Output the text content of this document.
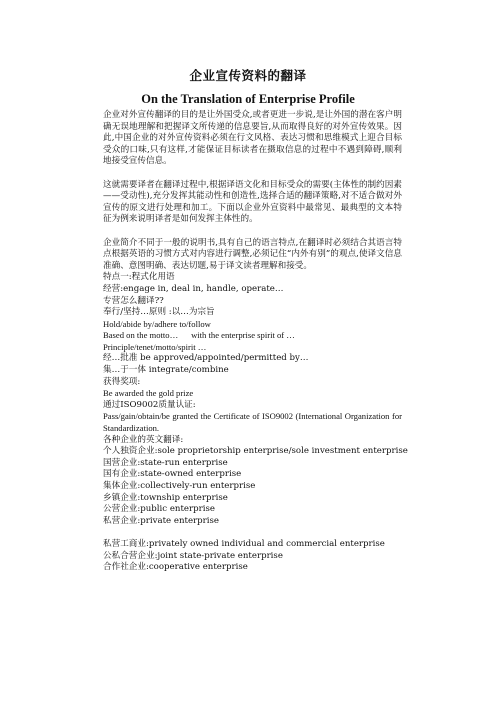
企业宣传资料的翻译
On the Translation of Enterprise Profile

企业对外宣传翻译的目的是让外国受众,或者更进一步说,是让外国的潜在客户明确无误地理解和把握译文所传递的信息要旨,从而取得良好的对外宣传效果。因此,中国企业的对外宣传资料必须在行文风格、表达习惯和思维模式上迎合目标受众的口味,只有这样,才能保证目标读者在摄取信息的过程中不遇到障碍,顺利地接受宣传信息。

这就需要译者在翻译过程中,根据译语文化和目标受众的需要(主体性的制约因素——受动性),充分发挥其能动性和创造性,选择合适的翻译策略,对不适合做对外宣传的原文进行处理和加工。下面以企业外宣资料中最常见、最典型的文本特征为例来说明译者是如何发挥主体性的。

企业简介不同于一般的说明书,具有自己的语言特点,在翻译时必须结合其语言特点根据英语的习惯方式对内容进行调整,必须记住“内外有别”的观点,使译文信息准确、意图明确、表达切题,易于译文读者理解和接受。

特点一:程式化用语
经营:engage in, deal in, handle, operate…
专营怎么翻译??
奉行/坚持…原则 :以…为宗旨
Hold/abide by/adhere to/follow
Based on the motto…      with the enterprise spirit of …
Principle/tenet/motto/spirit …
经…批准 be approved/appointed/permitted by…
集…于一体 integrate/combine
获得奖项:
Be awarded the gold prize
通过ISO9002质量认证:

Pass/gain/obtain/be granted the Certificate of ISO9002 (International Organization for Standardization.

各种企业的英文翻译:
个人独资企业:sole proprietorship enterprise/sole investment enterprise
国营企业:state-run enterprise
国有企业:state-owned enterprise
集体企业:collectively-run enterprise
乡镇企业:township enterprise
公营企业:public enterprise
私营企业:private enterprise
私营工商业:privately owned individual and commercial enterprise
公私合营企业:joint state-private enterprise
合作社企业:cooperative enterprise
